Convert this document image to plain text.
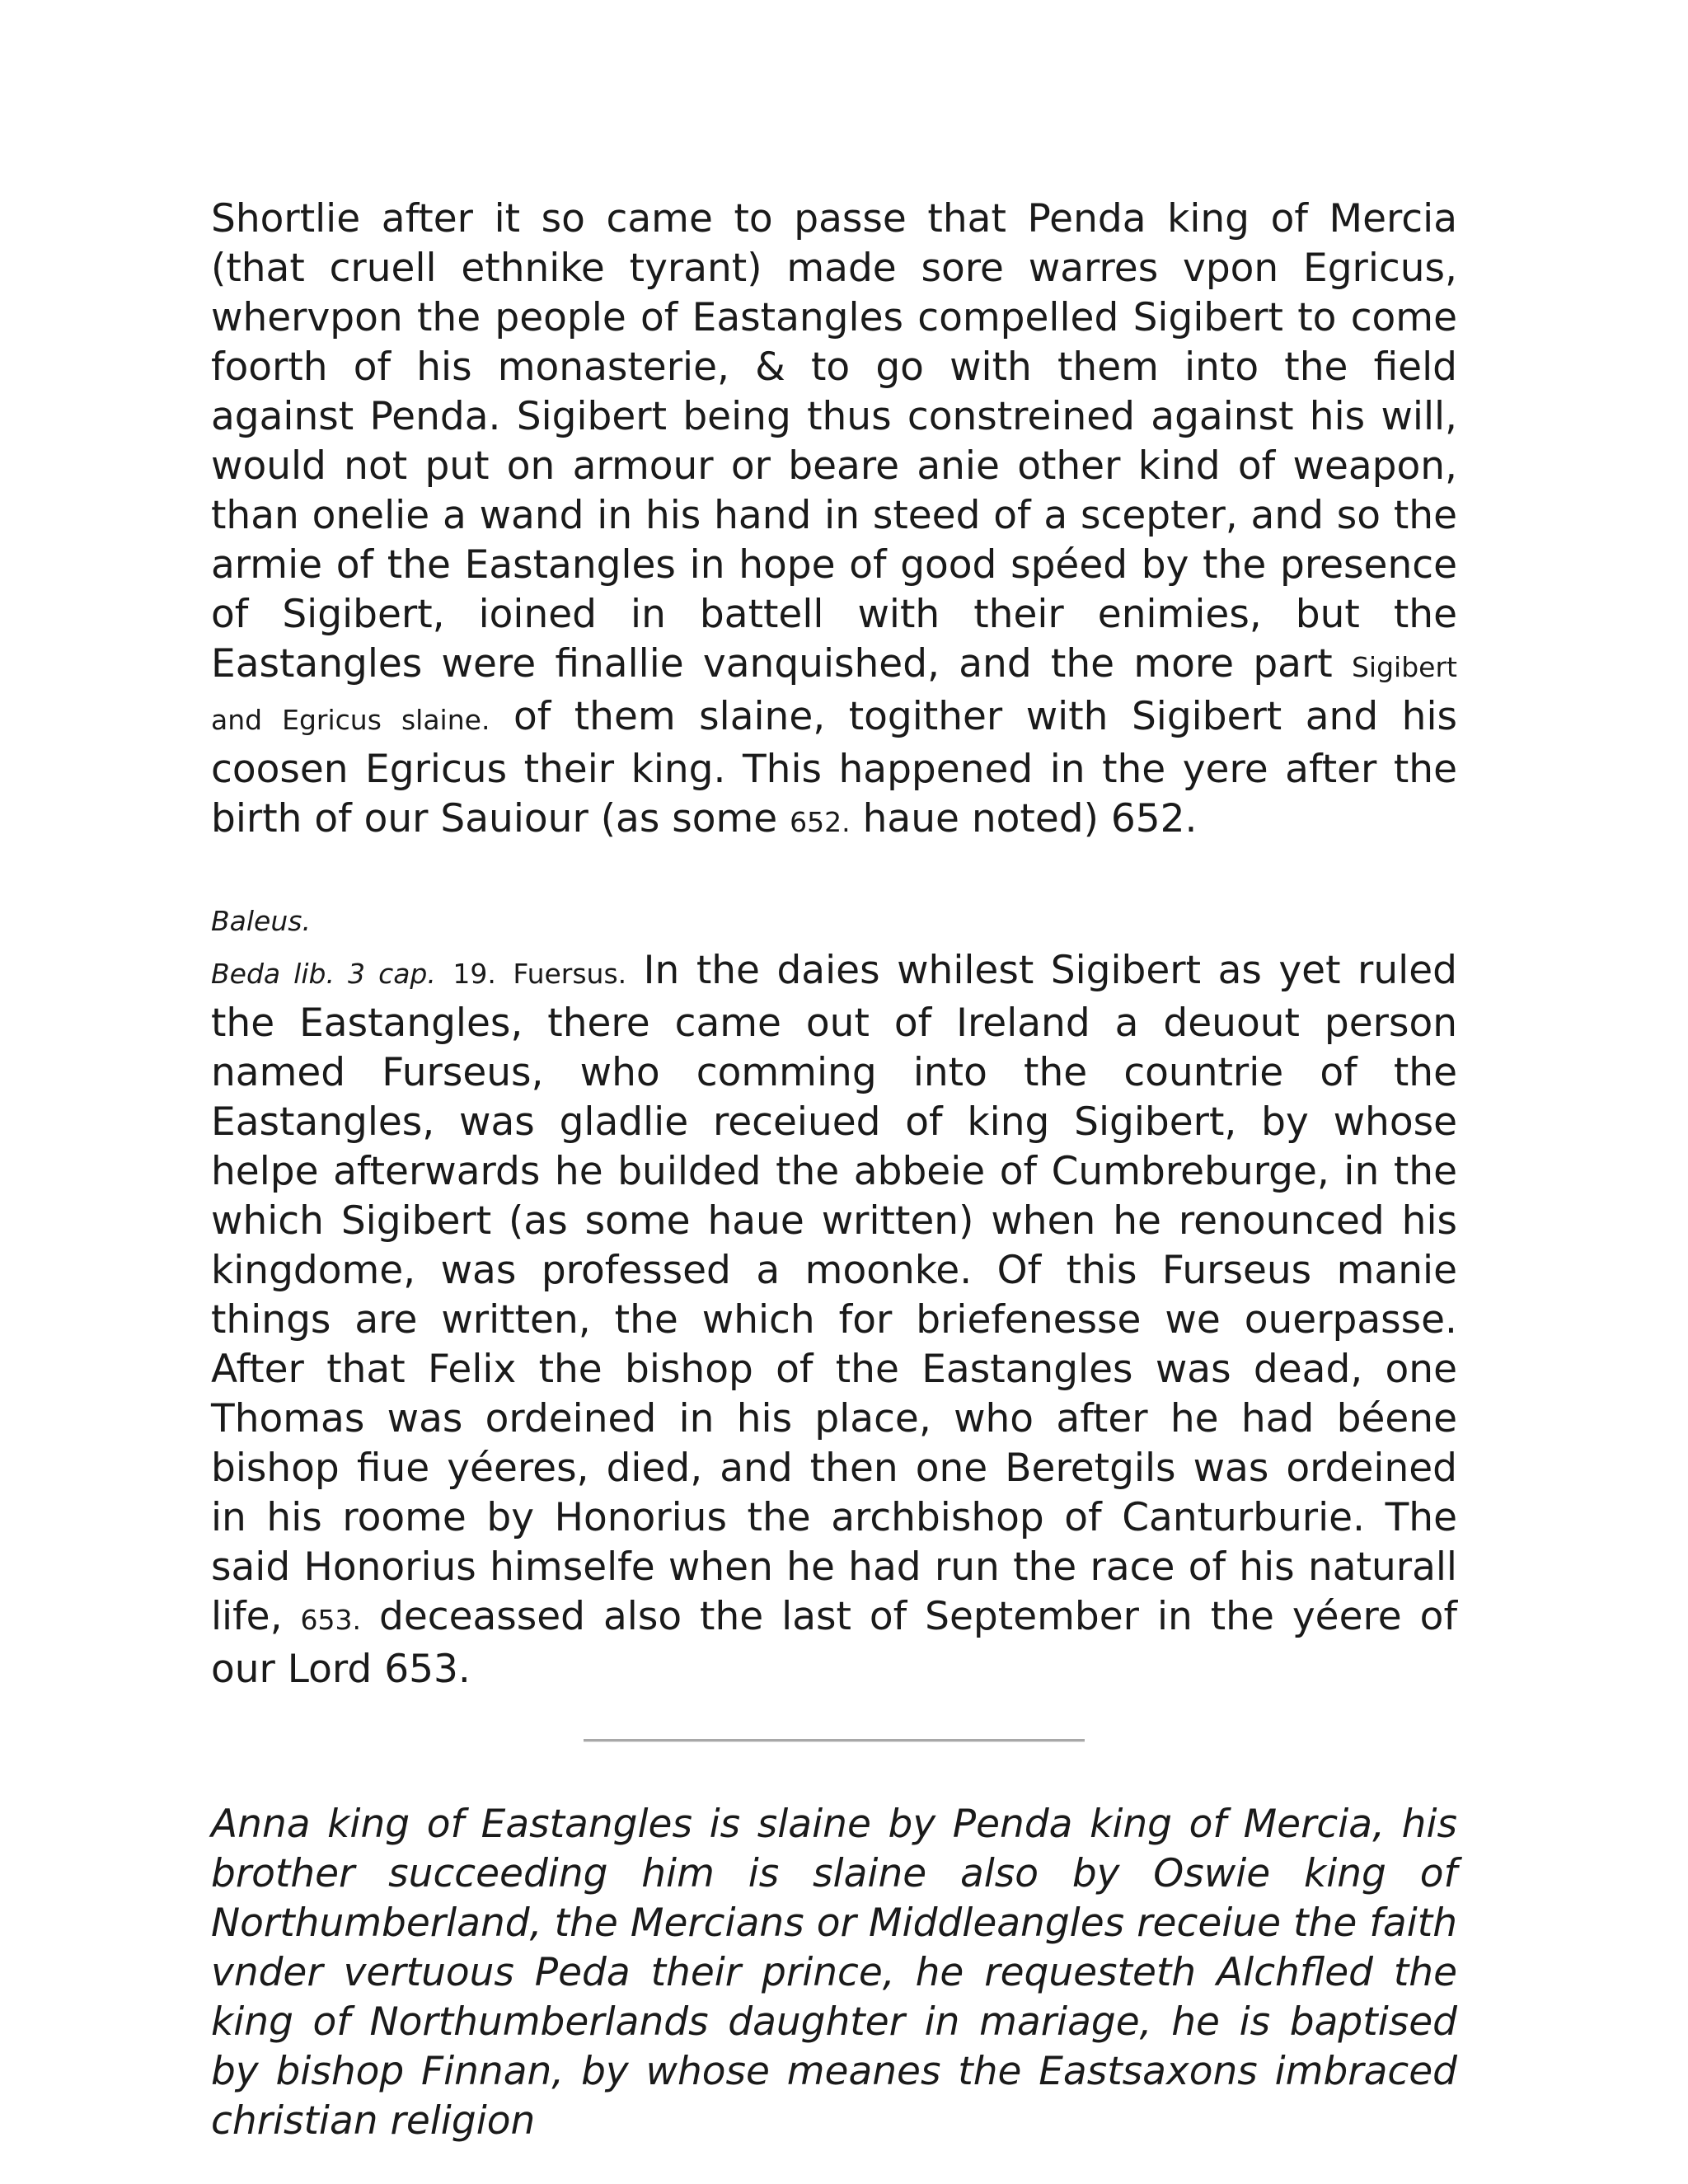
Shortlie after it so came to passe that Penda king of Mercia (that cruell ethnike tyrant) made sore warres vpon Egricus, whervpon the people of Eastangles compelled Sigibert to come foorth of his monasterie, & to go with them into the field against Penda. Sigibert being thus constreined against his will, would not put on armour or beare anie other kind of weapon, than onelie a wand in his hand in steed of a scepter, and so the armie of the Eastangles in hope of good spéed by the presence of Sigibert, ioined in battell with their enimies, but the Eastangles were finallie vanquished, and the more part Sigibert and Egricus slaine. of them slaine, togither with Sigibert and his coosen Egricus their king. This happened in the yere after the birth of our Sauiour (as some 652. haue noted) 652.

Baleus.

Beda lib. 3 cap. 19. Fuersus. In the daies whilest Sigibert as yet ruled the Eastangles, there came out of Ireland a deuout person named Furseus, who comming into the countrie of the Eastangles, was gladlie receiued of king Sigibert, by whose helpe afterwards he builded the abbeie of Cumbreburge, in the which Sigibert (as some haue written) when he renounced his kingdome, was professed a moonke. Of this Furseus manie things are written, the which for briefenesse we ouerpasse. After that Felix the bishop of the Eastangles was dead, one Thomas was ordeined in his place, who after he had béene bishop fiue yéeres, died, and then one Beretgils was ordeined in his roome by Honorius the archbishop of Canturburie. The said Honorius himselfe when he had run the race of his naturall life, 653. deceassed also the last of September in the yéere of our Lord 653.

Anna king of Eastangles is slaine by Penda king of Mercia, his brother succeeding him is slaine also by Oswie king of Northumberland, the Mercians or Middleangles receiue the faith vnder vertuous Peda their prince, he requesteth Alchfled the king of Northumberlands daughter in mariage, he is baptised by bishop Finnan, by whose meanes the Eastsaxons imbraced christian religion
